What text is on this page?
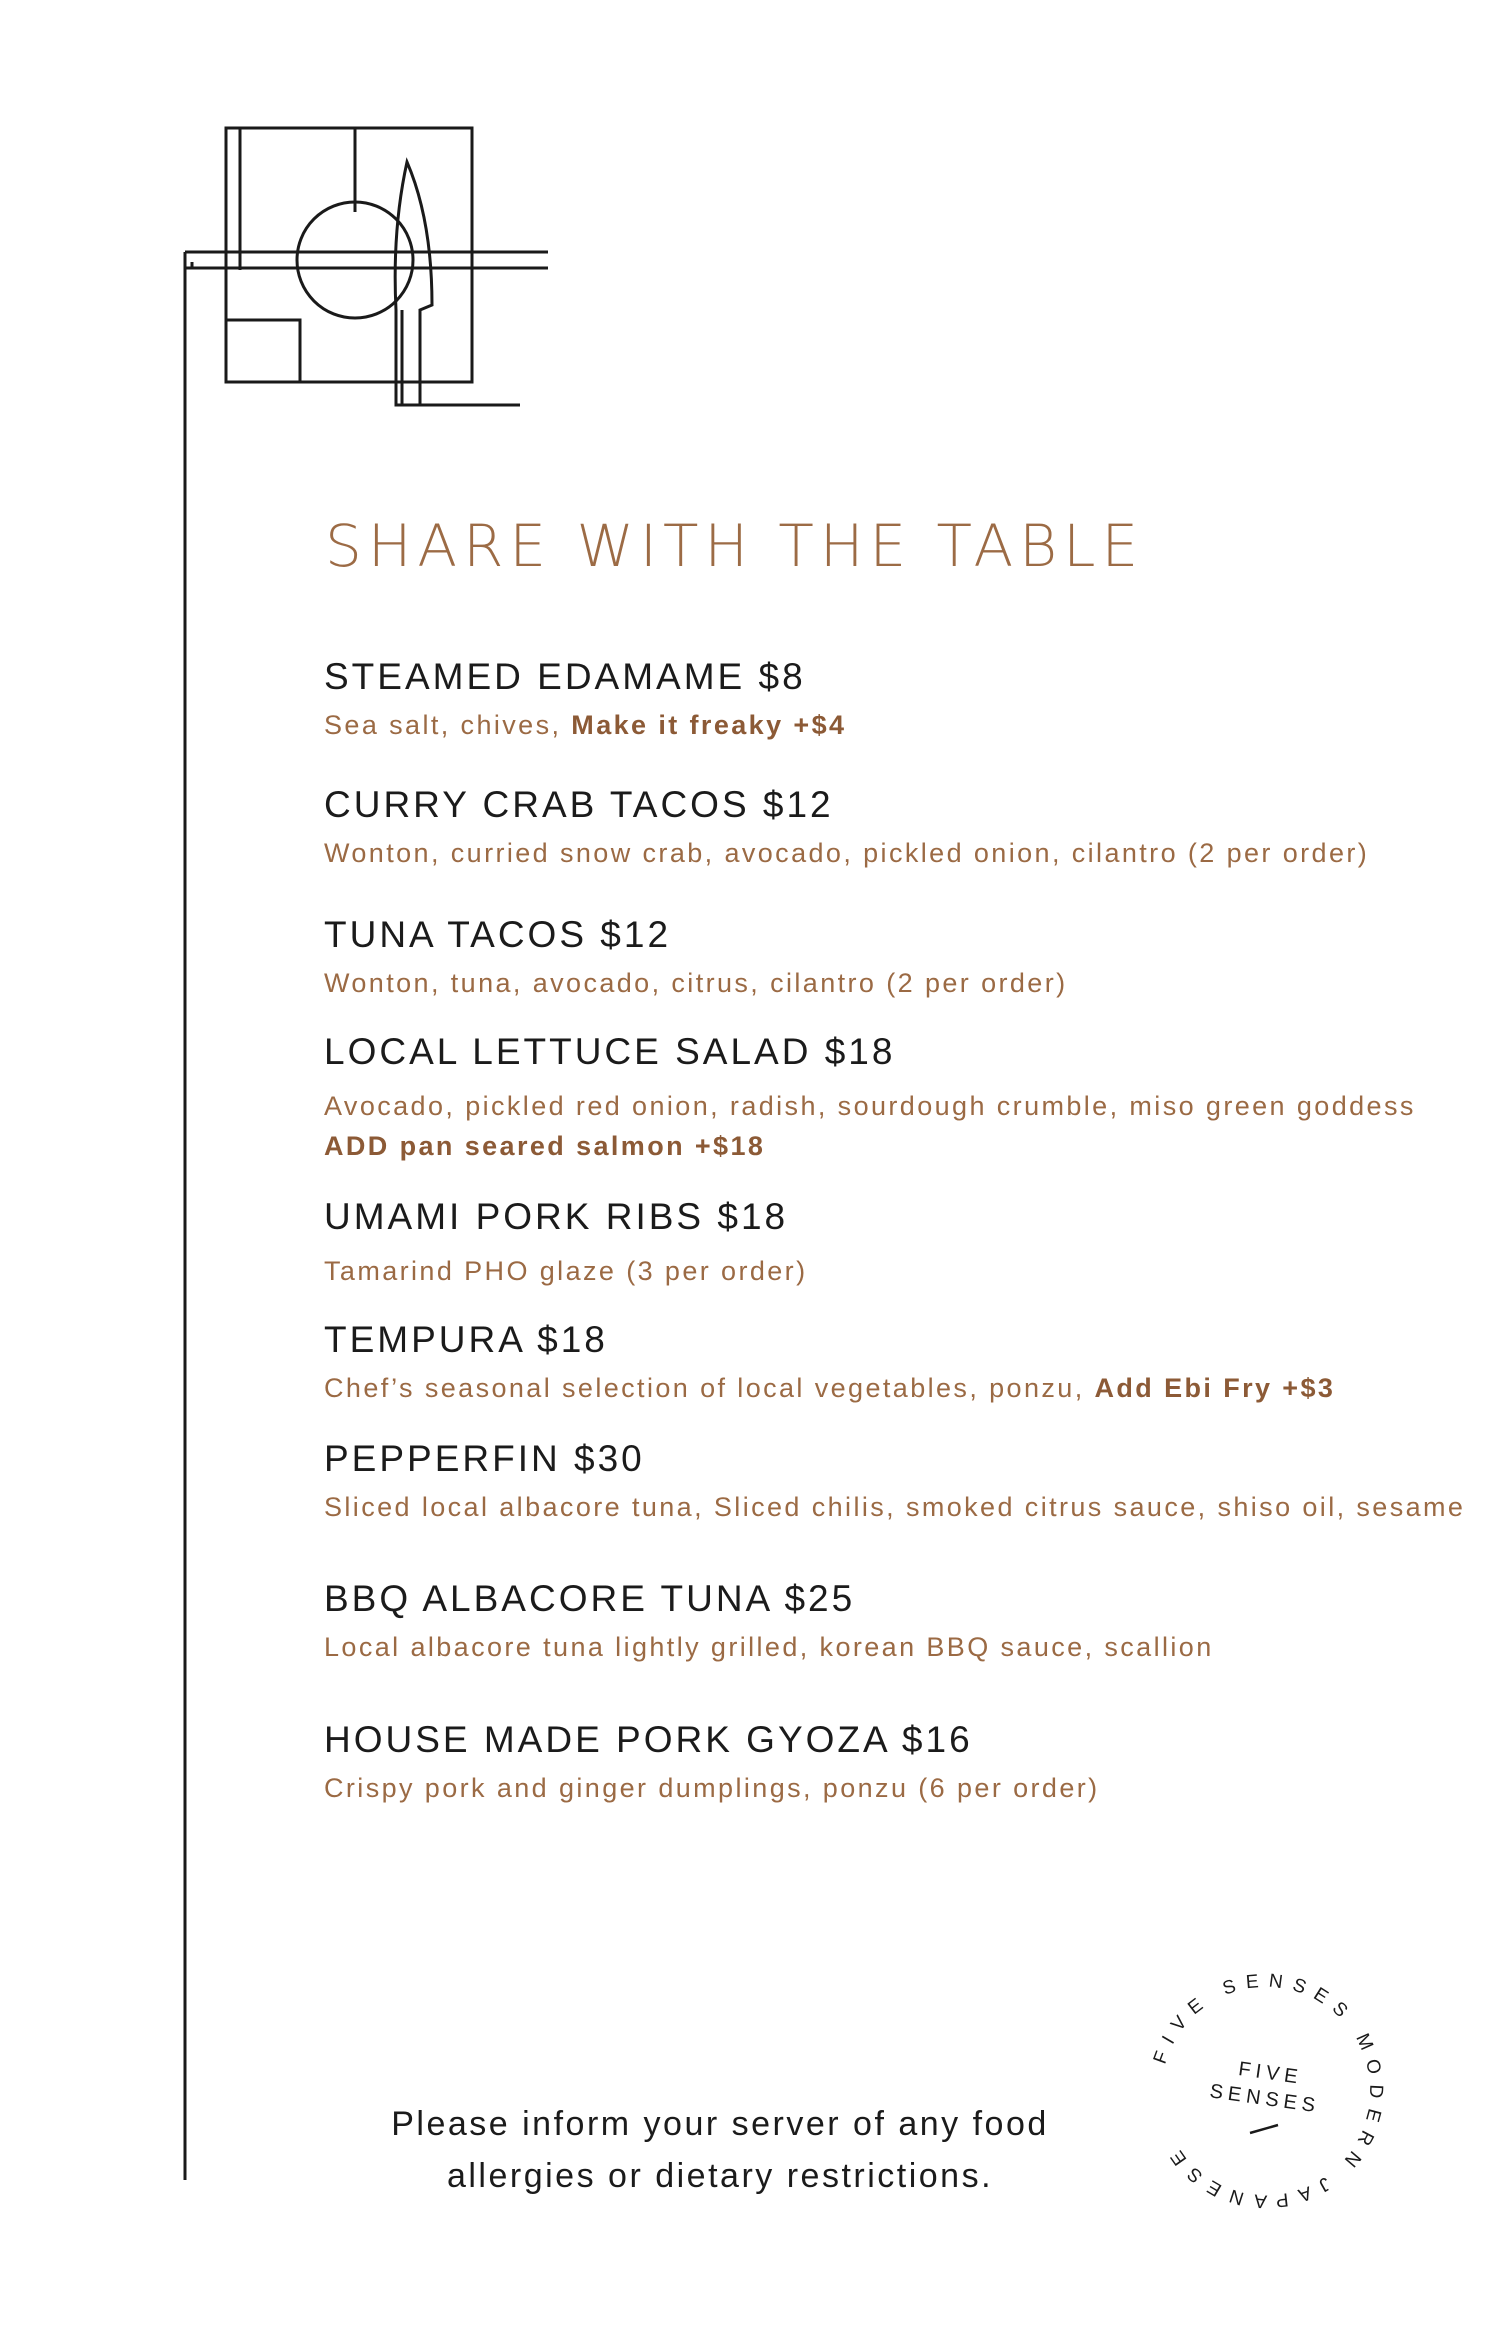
SHARE WITH THE TABLE
STEAMED EDAMAME $8
Sea salt, chives, Make it freaky +$4
CURRY CRAB TACOS $12
Wonton, curried snow crab, avocado, pickled onion, cilantro (2 per order)
TUNA TACOS $12
Wonton, tuna, avocado, citrus, cilantro (2 per order)
LOCAL LETTUCE SALAD $18
Avocado, pickled red onion, radish, sourdough crumble, miso green goddess
ADD pan seared salmon +$18
UMAMI PORK RIBS $18
Tamarind PHO glaze (3 per order)
TEMPURA $18
Chef’s seasonal selection of local vegetables, ponzu, Add Ebi Fry +$3
PEPPERFIN $30
Sliced local albacore tuna, Sliced chilis, smoked citrus sauce, shiso oil, sesame
BBQ ALBACORE TUNA $25
Local albacore tuna lightly grilled, korean BBQ sauce, scallion
HOUSE MADE PORK GYOZA $16
Crispy pork and ginger dumplings, ponzu (6 per order)
Please inform your server of any food
allergies or dietary restrictions.
FIVE SENSES MODERN JAPANESE
FIVE
SENSES
